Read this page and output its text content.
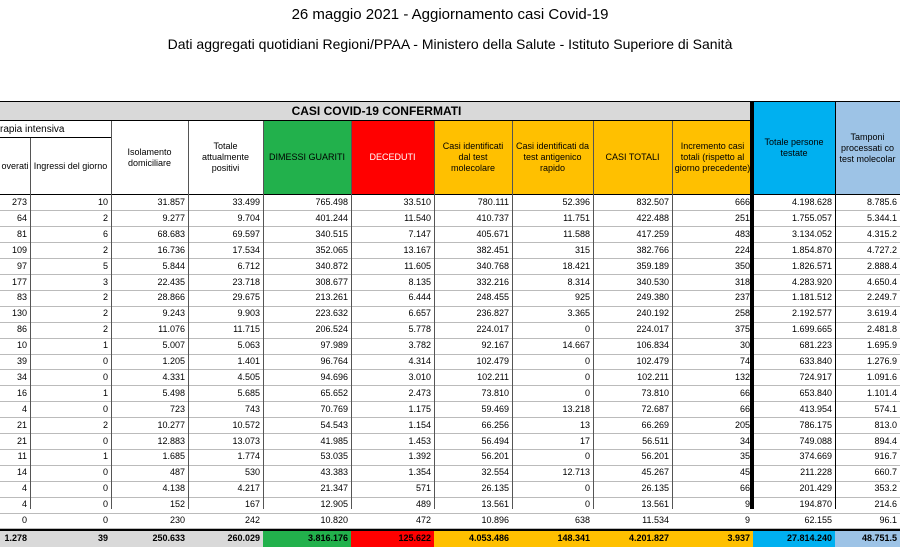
26 maggio 2021 - Aggiornamento casi Covid-19
Dati aggregati quotidiani Regioni/PPAA - Ministero della Salute - Istituto Superiore di Sanità
CASI COVID-19 CONFERMATI
rapia intensiva
overati Ingressi del giorno
Isolamento domiciliare
Totale attualmente positivi
DIMESSI GUARITI	DECEDUTI
Casi identificati dal test molecolare
Casi identificati da test antigenico rapido
CASI TOTALI
Incremento casi totali (rispetto al giorno precedente)
Totale persone testate
Tamponi processati co test molecolar
273	10	31.857	33.499	765.498	33.510	780.111	52.396	832.507	666	4.198.628	8.785.6
64	2	9.277	9.704	401.244	11.540	410.737	11.751	422.488	251	1.755.057	5.344.1
81	6	68.683	69.597	340.515	7.147	405.671	11.588	417.259	483	3.134.052	4.315.2
109	2	16.736	17.534	352.065	13.167	382.451	315	382.766	224	1.854.870	4.727.2
97	5	5.844	6.712	340.872	11.605	340.768	18.421	359.189	350	1.826.571	2.888.4
177	3	22.435	23.718	308.677	8.135	332.216	8.314	340.530	318	4.283.920	4.650.4
83	2	28.866	29.675	213.261	6.444	248.455	925	249.380	237	1.181.512	2.249.7
130	2	9.243	9.903	223.632	6.657	236.827	3.365	240.192	258	2.192.577	3.619.4
86	2	11.076	11.715	206.524	5.778	224.017	0	224.017	375	1.699.665	2.481.8
10	1	5.007	5.063	97.989	3.782	92.167	14.667	106.834	30	681.223	1.695.9
39	0	1.205	1.401	96.764	4.314	102.479	0	102.479	74	633.840	1.276.9
34	0	4.331	4.505	94.696	3.010	102.211	0	102.211	132	724.917	1.091.6
16	1	5.498	5.685	65.652	2.473	73.810	0	73.810	66	653.840	1.101.4
4	0	723	743	70.769	1.175	59.469	13.218	72.687	66	413.954	574.1
21	2	10.277	10.572	54.543	1.154	66.256	13	66.269	205	786.175	813.0
21	0	12.883	13.073	41.985	1.453	56.494	17	56.511	34	749.088	894.4
11	1	1.685	1.774	53.035	1.392	56.201	0	56.201	35	374.669	916.7
14	0	487	530	43.383	1.354	32.554	12.713	45.267	45	211.228	660.7
4	0	4.138	4.217	21.347	571	26.135	0	26.135	66	201.429	353.2
4	0	152	167	12.905	489	13.561	0	13.561	9	194.870	214.6
0	0	230	242	10.820	472	10.896	638	11.534	9	62.155	96.1
1.278	39	250.633	260.029	3.816.176	125.622	4.053.486	148.341	4.201.827	3.937	27.814.240	48.751.5
